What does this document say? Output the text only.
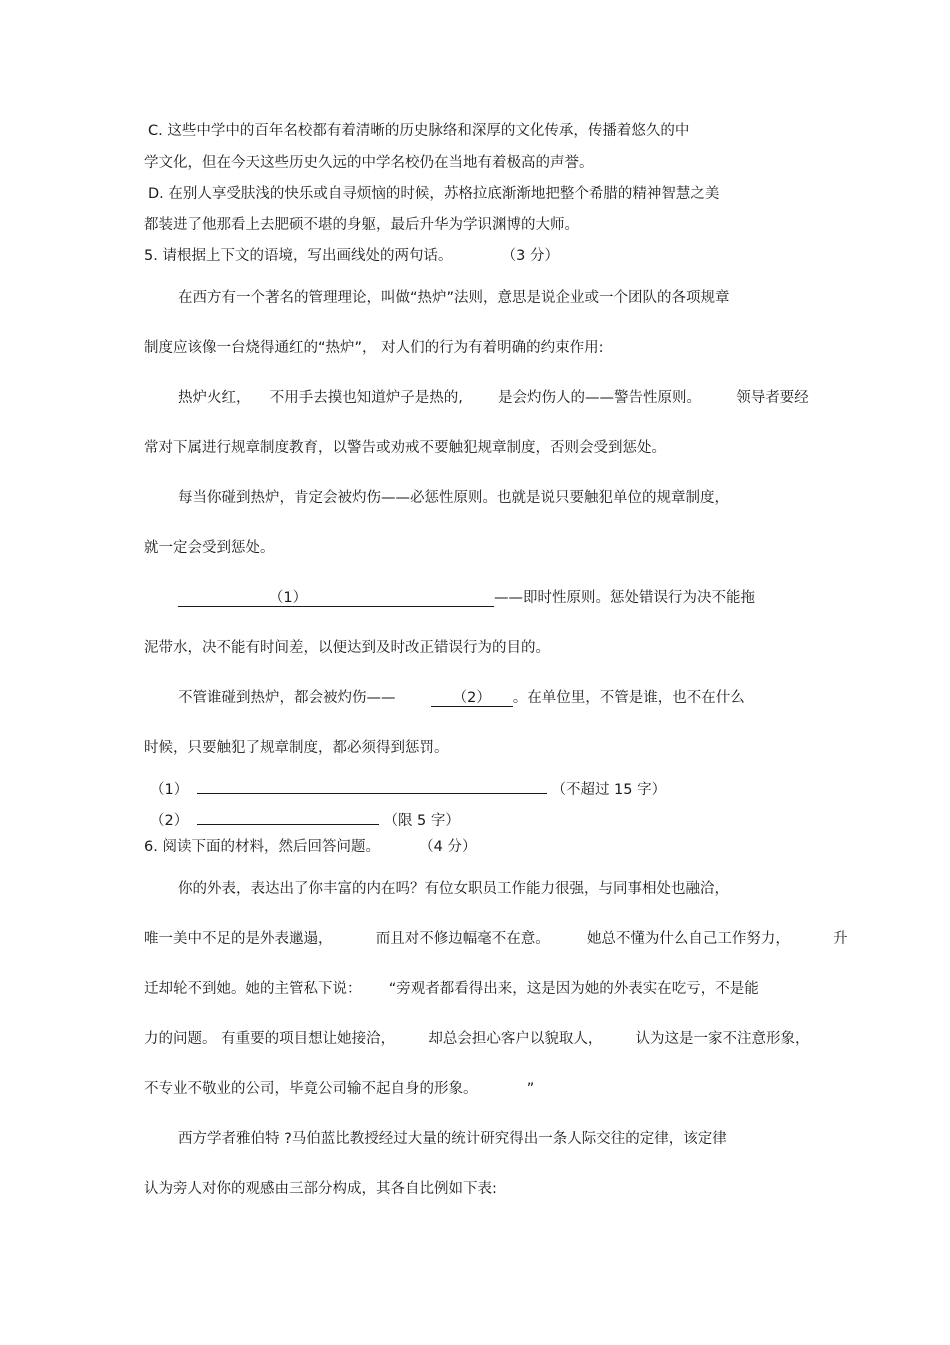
C. 这些中学中的百年名校都有着清晰的历史脉络和深厚的文化传承，传播着悠久的中
学文化，但在今天这些历史久远的中学名校仍在当地有着极高的声誉。
D. 在别人享受肤浅的快乐或自寻烦恼的时候，苏格拉底渐渐地把整个希腊的精神智慧之美
都装进了他那看上去肥硕不堪的身躯，最后升华为学识渊博的大师。
5. 请根据上下文的语境，写出画线处的两句话。	（3 分）
在西方有一个著名的管理理论，叫做“热炉”法则，意思是说企业或一个团队的各项规章
制度应该像一台烧得通红的“热炉”， 对人们的行为有着明确的约束作用:
热炉火红， 不用手去摸也知道炉子是热的, 是会灼伤人的——警告性原则。 领导者要经
常对下属进行规章制度教育，以警告或劝戒不要触犯规章制度，否则会受到惩处。
每当你碰到热炉，肯定会被灼伤——必惩性原则。也就是说只要触犯单位的规章制度，
就一定会受到惩处。
（1）	——即时性原则。惩处错误行为决不能拖
泥带水，决不能有时间差，以便达到及时改正错误行为的目的。
不管谁碰到热炉，都会被灼伤——	（2） 。在单位里，不管是谁，也不在什么
时候，只要触犯了规章制度，都必须得到惩罚。
（1）	（不超过 15 字）
（2）	（限 5 字）
6. 阅读下面的材料，然后回答问题。	（4 分）
你的外表，表达出了你丰富的内在吗？有位女职员工作能力很强，与同事相处也融洽，
唯一美中不足的是外表邋遢，	而且对不修边幅毫不在意。	她总不懂为什么自己工作努力，	升
迁却轮不到她。她的主管私下说： “旁观者都看得出来，这是因为她的外表实在吃亏，不是能
力的问题。 有重要的项目想让她接洽， 却总会担心客户以貌取人， 认为这是一家不注意形象，
不专业不敬业的公司，毕竟公司输不起自身的形象。	”
西方学者雅伯特 ?马伯蓝比教授经过大量的统计研究得出一条人际交往的定律，该定律
认为旁人对你的观感由三部分构成，其各自比例如下表:
